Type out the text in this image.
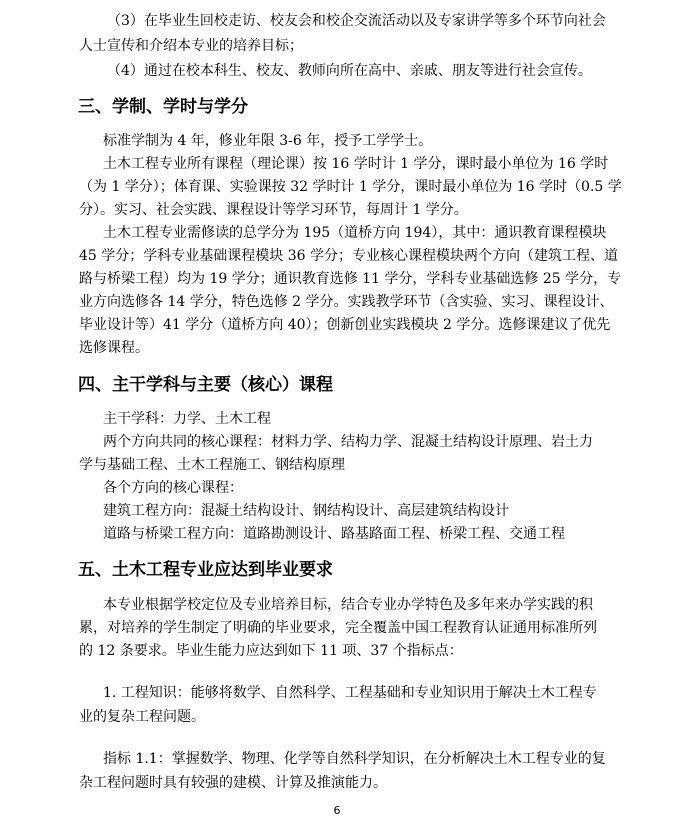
（3）在毕业生回校走访、校友会和校企交流活动以及专家讲学等多个环节向社会
人士宣传和介绍本专业的培养目标；
（4）通过在校本科生、校友、教师向所在高中、亲戚、朋友等进行社会宣传。
三、学制、学时与学分
标准学制为 4 年，修业年限 3-6 年，授予工学学士。
土木工程专业所有课程（理论课）按 16 学时计 1 学分，课时最小单位为 16 学时
（为 1 学分）；体育课、实验课按 32 学时计 1 学分，课时最小单位为 16 学时（0.5 学
分）。实习、社会实践、课程设计等学习环节，每周计 1 学分。
土木工程专业需修读的总学分为 195（道桥方向 194），其中：通识教育课程模块
45 学分；学科专业基础课程模块 36 学分；专业核心课程模块两个方向（建筑工程、道
路与桥梁工程）均为 19 学分；通识教育选修 11 学分，学科专业基础选修 25 学分，专
业方向选修各 14 学分，特色选修 2 学分。实践教学环节（含实验、实习、课程设计、
毕业设计等）41 学分（道桥方向 40）；创新创业实践模块 2 学分。选修课建议了优先
选修课程。
四、主干学科与主要（核心）课程
主干学科：力学、土木工程
两个方向共同的核心课程：材料力学、结构力学、混凝土结构设计原理、岩土力
学与基础工程、土木工程施工、钢结构原理
各个方向的核心课程：
建筑工程方向：混凝土结构设计、钢结构设计、高层建筑结构设计
道路与桥梁工程方向：道路勘测设计、路基路面工程、桥梁工程、交通工程
五、土木工程专业应达到毕业要求
本专业根据学校定位及专业培养目标，结合专业办学特色及多年来办学实践的积
累，对培养的学生制定了明确的毕业要求，完全覆盖中国工程教育认证通用标准所列
的 12 条要求。毕业生能力应达到如下 11 项、37 个指标点：
1. 工程知识：能够将数学、自然科学、工程基础和专业知识用于解决土木工程专
业的复杂工程问题。
指标 1.1：掌握数学、物理、化学等自然科学知识，在分析解决土木工程专业的复
杂工程问题时具有较强的建模、计算及推演能力。
6
